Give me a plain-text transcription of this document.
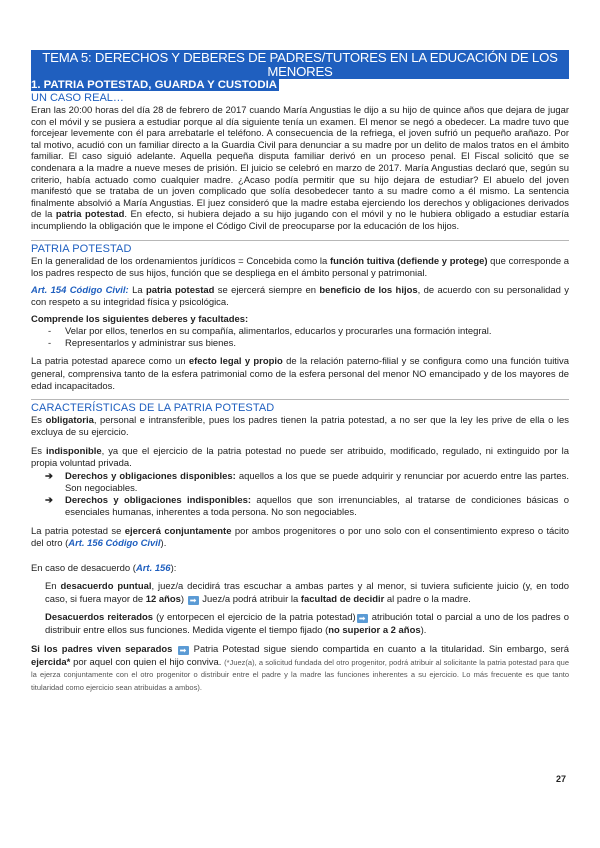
TEMA 5: DERECHOS Y DEBERES DE PADRES/TUTORES EN LA EDUCACIÓN DE LOS MENORES
1. PATRIA POTESTAD, GUARDA Y CUSTODIA
UN CASO REAL…

Eran las 20:00 horas del día 28 de febrero de 2017 cuando María Angustias le dijo a su hijo de quince años que dejara de jugar con el móvil y se pusiera a estudiar porque al día siguiente tenía un examen. El menor se negó a obedecer. La madre tuvo que forcejear levemente con él para arrebatarle el teléfono. A consecuencia de la refriega, el joven sufrió un pequeño arañazo. Por tal motivo, acudió con un familiar directo a la Guardia Civil para denunciar a su madre por un delito de malos tratos en el ámbito familiar. El caso siguió adelante. Aquella pequeña disputa familiar derivó en un proceso penal. El Fiscal solicitó que se condenara a la madre a nueve meses de prisión. El juicio se celebró en marzo de 2017. María Angustias declaró que, según su criterio, había actuado como cualquier madre. ¿Acaso podía permitir que su hijo dejara de estudiar? El abuelo del joven manifestó que se trataba de un joven complicado que solía desobedecer tanto a su madre como a él mismo. La sentencia finalmente absolvió a María Angustias. El juez consideró que la madre estaba ejerciendo los derechos y obligaciones derivados de la patria potestad. En efecto, si hubiera dejado a su hijo jugando con el móvil y no le hubiera obligado a estudiar estaría incumpliendo la obligación que le impone el Código Civil de preocuparse por la educación de los hijos.

PATRIA POTESTAD

En la generalidad de los ordenamientos jurídicos = Concebida como la función tuitiva (defiende y protege) que corresponde a los padres respecto de sus hijos, función que se despliega en el ámbito personal y patrimonial.

Art. 154 Código Civil: La patria potestad se ejercerá siempre en beneficio de los hijos, de acuerdo con su personalidad y con respeto a su integridad física y psicológica.

Comprende los siguientes deberes y facultades:

- Velar por ellos, tenerlos en su compañía, alimentarlos, educarlos y procurarles una formación integral.
- Representarlos y administrar sus bienes.

La patria potestad aparece como un efecto legal y propio de la relación paterno-filial y se configura como una función tuitiva general, comprensiva tanto de la esfera patrimonial como de la esfera personal del menor NO emancipado y de los mayores de edad incapacitados.

CARACTERÍSTICAS DE LA PATRIA POTESTAD

Es obligatoria, personal e intransferible, pues los padres tienen la patria potestad, a no ser que la ley les prive de ella o les excluya de su ejercicio.

Es indisponible, ya que el ejercicio de la patria potestad no puede ser atribuido, modificado, regulado, ni extinguido por la propia voluntad privada.

- ➔ Derechos y obligaciones disponibles: aquellos a los que se puede adquirir y renunciar por acuerdo entre las partes. Son negociables.
- ➔ Derechos y obligaciones indisponibles: aquellos que son irrenunciables, al tratarse de condiciones básicas o esenciales humanas, inherentes a toda persona. No son negociables.

La patria potestad se ejercerá conjuntamente por ambos progenitores o por uno solo con el consentimiento expreso o tácito del otro (Art. 156 Código Civil).

En caso de desacuerdo (Art. 156):

En desacuerdo puntual, juez/a decidirá tras escuchar a ambas partes y al menor, si tuviera suficiente juicio (y, en todo caso, si fuera mayor de 12 años) ➡ Juez/a podrá atribuir la facultad de decidir al padre o la madre.

Desacuerdos reiterados (y entorpecen el ejercicio de la patria potestad) ➡ atribución total o parcial a uno de los padres o distribuir entre ellos sus funciones. Medida vigente el tiempo fijado (no superior a 2 años).

Si los padres viven separados ➡ Patria Potestad sigue siendo compartida en cuanto a la titularidad. Sin embargo, será ejercida* por aquel con quien el hijo conviva. (*Juez(a), a solicitud fundada del otro progenitor, podrá atribuir al solicitante la patria potestad para que la ejerza conjuntamente con el otro progenitor o distribuir entre el padre y la madre las funciones inherentes a su ejercicio. Lo más frecuente es que tanto titularidad como ejercicio sean atribuidas a ambos).

27
